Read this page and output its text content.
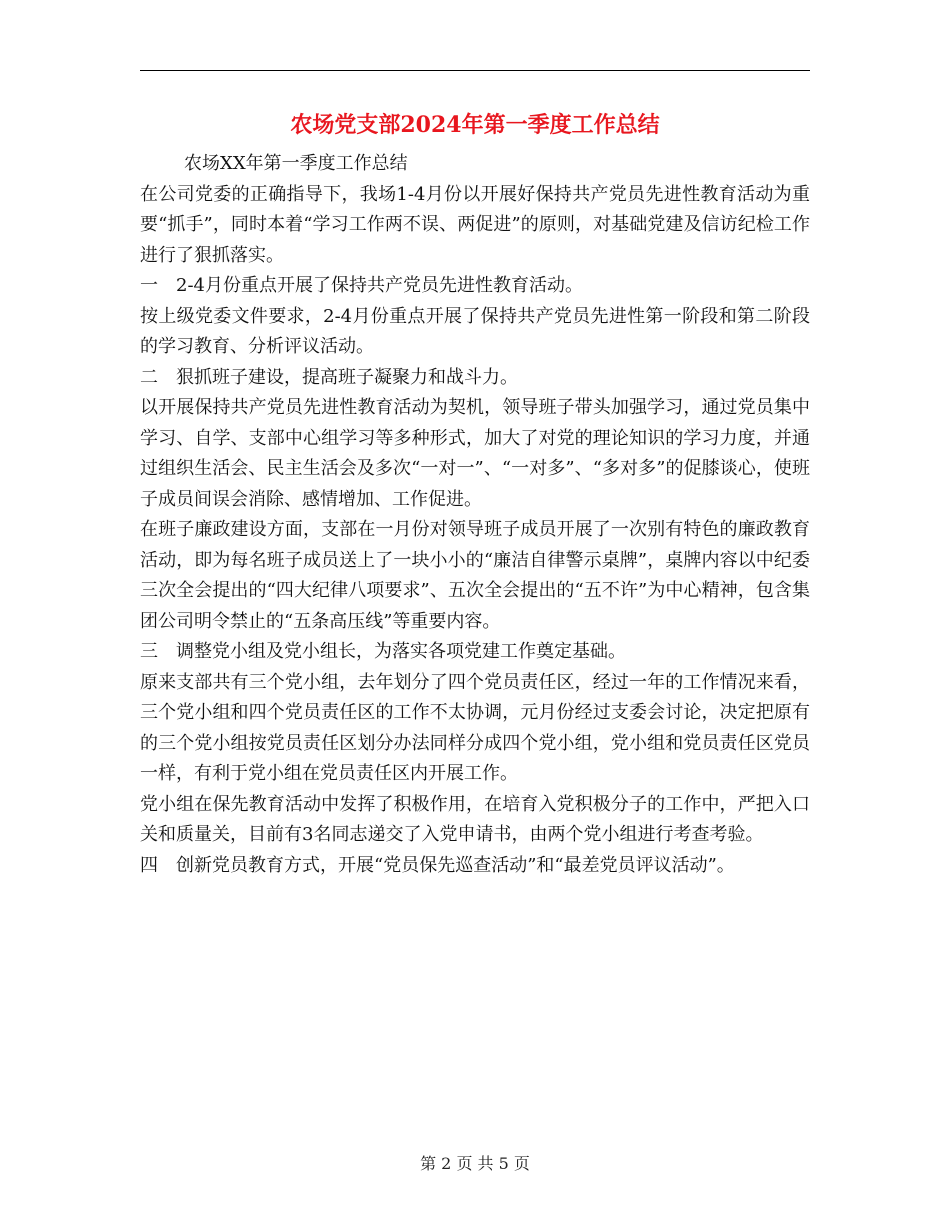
农场党支部2024年第一季度工作总结

农场XX年第一季度工作总结

在公司党委的正确指导下，我场1-4月份以开展好保持共产党员先进性教育活动为重要“抓手”，同时本着“学习工作两不误、两促进”的原则，对基础党建及信访纪检工作进行了狠抓落实。

一　2-4月份重点开展了保持共产党员先进性教育活动。

按上级党委文件要求，2-4月份重点开展了保持共产党员先进性第一阶段和第二阶段的学习教育、分析评议活动。

二　狠抓班子建设，提高班子凝聚力和战斗力。

以开展保持共产党员先进性教育活动为契机，领导班子带头加强学习，通过党员集中学习、自学、支部中心组学习等多种形式，加大了对党的理论知识的学习力度，并通过组织生活会、民主生活会及多次“一对一”、“一对多”、“多对多”的促膝谈心，使班子成员间误会消除、感情增加、工作促进。

在班子廉政建设方面，支部在一月份对领导班子成员开展了一次别有特色的廉政教育活动，即为每名班子成员送上了一块小小的“廉洁自律警示桌牌”，桌牌内容以中纪委三次全会提出的“四大纪律八项要求”、五次全会提出的“五不许”为中心精神，包含集团公司明令禁止的“五条高压线”等重要内容。

三　调整党小组及党小组长，为落实各项党建工作奠定基础。

原来支部共有三个党小组，去年划分了四个党员责任区，经过一年的工作情况来看，三个党小组和四个党员责任区的工作不太协调，元月份经过支委会讨论，决定把原有的三个党小组按党员责任区划分办法同样分成四个党小组，党小组和党员责任区党员一样，有利于党小组在党员责任区内开展工作。

党小组在保先教育活动中发挥了积极作用，在培育入党积极分子的工作中，严把入口关和质量关，目前有3名同志递交了入党申请书，由两个党小组进行考查考验。

四　创新党员教育方式，开展“党员保先巡查活动”和“最差党员评议活动”。

第 2 页 共 5 页
